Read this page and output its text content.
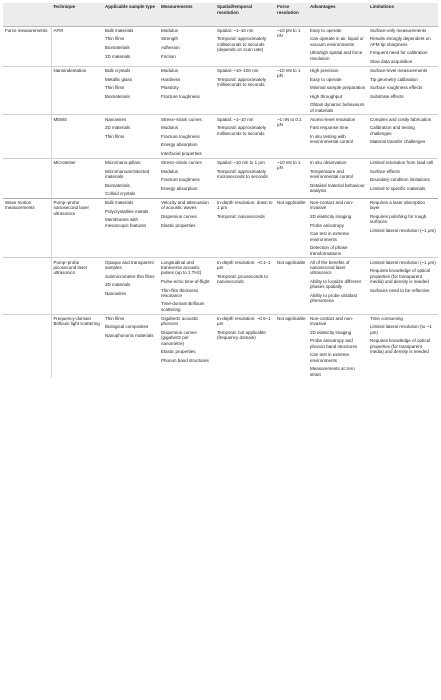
	Technique	Applicable sample type	Measurements	Spatial/temporal resolution	Force resolution	Advantages	Limitations
Force measurements	AFM	Bulk materials
Thin films
Biomaterials
2D materials	Modulus
Strength
Adhesion
Friction	Spatial: ~1–10 nm
Temporal: approximately milliseconds to seconds (depends on scan rate)	~10 pN to 1 nN	Easy to operate
Can operate in air, liquid or vacuum environments
Ultrahigh spatial and force resolution	Surface-only measurements
Results strongly dependent on AFM tip sharpness
Frequent need for calibration
Slow data acquisition

	Nanoindentation	Bulk crystals
Metallic glass
Thin films
Biomaterials	Modulus
Hardness
Plasticity
Fracture toughness	Spatial: ~10–100 nm
Temporal: approximately milliseconds to seconds	~10 nN to 1 μN	High precision
Easy to operate
Minimal sample preparation
High throughput
Obtain dynamic behaviours of materials	Surface-level measurements
Tip geometry calibration
Surface roughness effects
Substrate effects

	MEMS	Nanowires
2D materials
Thin films	Stress–strain curves
Modulus
Fracture toughness
Energy absorption
Interfacial properties	Spatial: ~1–10 nm
Temporal: approximately milliseconds to seconds	~1 nN to 0.1 μN	Atomic-level resolution
Fast response time
In situ testing with environmental control	Complex and costly fabrication
Calibration and testing challenges
Material transfer challenges

	Microtester	Micro/nano-pillars
Micro/nanoarchitected materials
Biomaterials
Colloid crystals	Stress–strain curves
Modulus
Fracture toughness
Energy absorption	Spatial: ~10 nm to 1 μm
Temporal: approximately microseconds to seconds	~10 nN to 1 μN	In situ observation
Temperature and environmental control
Detailed material behaviour analysis	Limited resolution from load cell
Surface effects
Boundary condition limitations
Limited to specific materials

Wave motion measurements	Pump–probe nanosecond laser ultrasonics	Bulk materials
Polycrystalline metals
Membranes with mesoscopic features	Velocity and attenuation of acoustic waves
Dispersion curves
Elastic properties	In-depth resolution: down to 1 μm
Temporal: nanoseconds	Not applicable	Non-contact and non-invasive
2D elasticity imaging
Probe anisotropy
Can test in extreme environments
Detection of phase transformations	Requires a laser absorption layer
Requires polishing for rough surfaces
Limited lateral resolution (~1 μm)

	Pump–probe picosecond laser ultrasonics	Opaque and transparent samples
Submicrometre thin films
2D materials
Nanowires	Longitudinal and transverse acoustic pulses (up to 1 THz)
Pulse-echo time-of-flight
Thin-film thickness resonance
Time-domain Brillouin scattering	In-depth resolution: ~0.1–1 μm
Temporal: picoseconds to nanoseconds	Not applicable	All of the benefits of nanosecond laser ultrasonics
Ability to localize different phases spatially
Ability to probe ultrafast phenomena	Limited lateral resolution (~1 μm)
Requires knowledge of optical properties (for transparent media) and density is needed
Surfaces need to be reflective

	Frequency-domain Brillouin light scattering	Thin films
Biological composites
Nanophononic materials	Gigahertz acoustic phonons
Dispersion curves (gigahertz per nanometre)
Elastic properties
Phonon band structures	In-depth resolution: ~0.5–1 μm
Temporal: not applicable (frequency domain)	Not applicable	Non-contact and non-invasive
2D elasticity imaging
Probe anisotropy and phonon band structures
Can test in extreme environments
Measurements at zero strain	Time consuming
Limited lateral resolution (to ~1 μm)
Requires knowledge of optical properties (for transparent media) and density is needed
